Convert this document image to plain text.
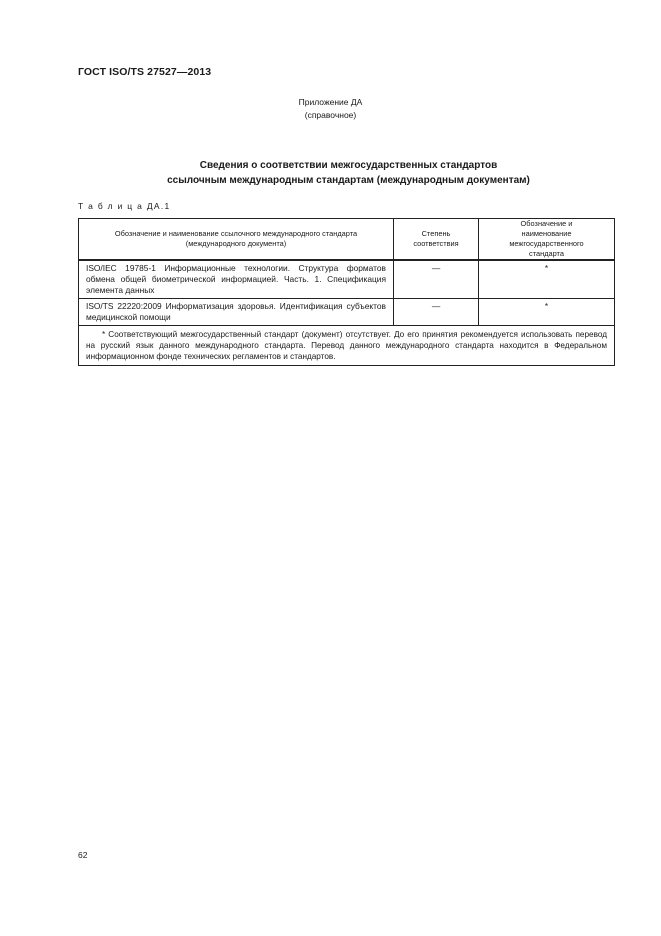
ГОСТ ISO/TS 27527—2013
Приложение ДА
(справочное)
Сведения о соответствии межгосударственных стандартов
ссылочным международным стандартам (международным документам)
Т а б л и ц а ДА.1
Обозначение и наименование ссылочного международного стандарта (международного документа)	Степень соответствия	Обозначение и наименование межгосударственного стандарта
ISO/IEC 19785-1 Информационные технологии. Структура форматов обмена общей биометрической информацией. Часть. 1. Спецификация элемента данных	—	*
ISO/TS 22220:2009 Информатизация здоровья. Идентификация субъектов медицинской помощи	—	*

* Соответствующий межгосударственный стандарт (документ) отсутствует. До его принятия рекомендуется использовать перевод на русский язык данного международного стандарта. Перевод данного международного стандарта находится в Федеральном информационном фонде технических регламентов и стандартов.		
62
